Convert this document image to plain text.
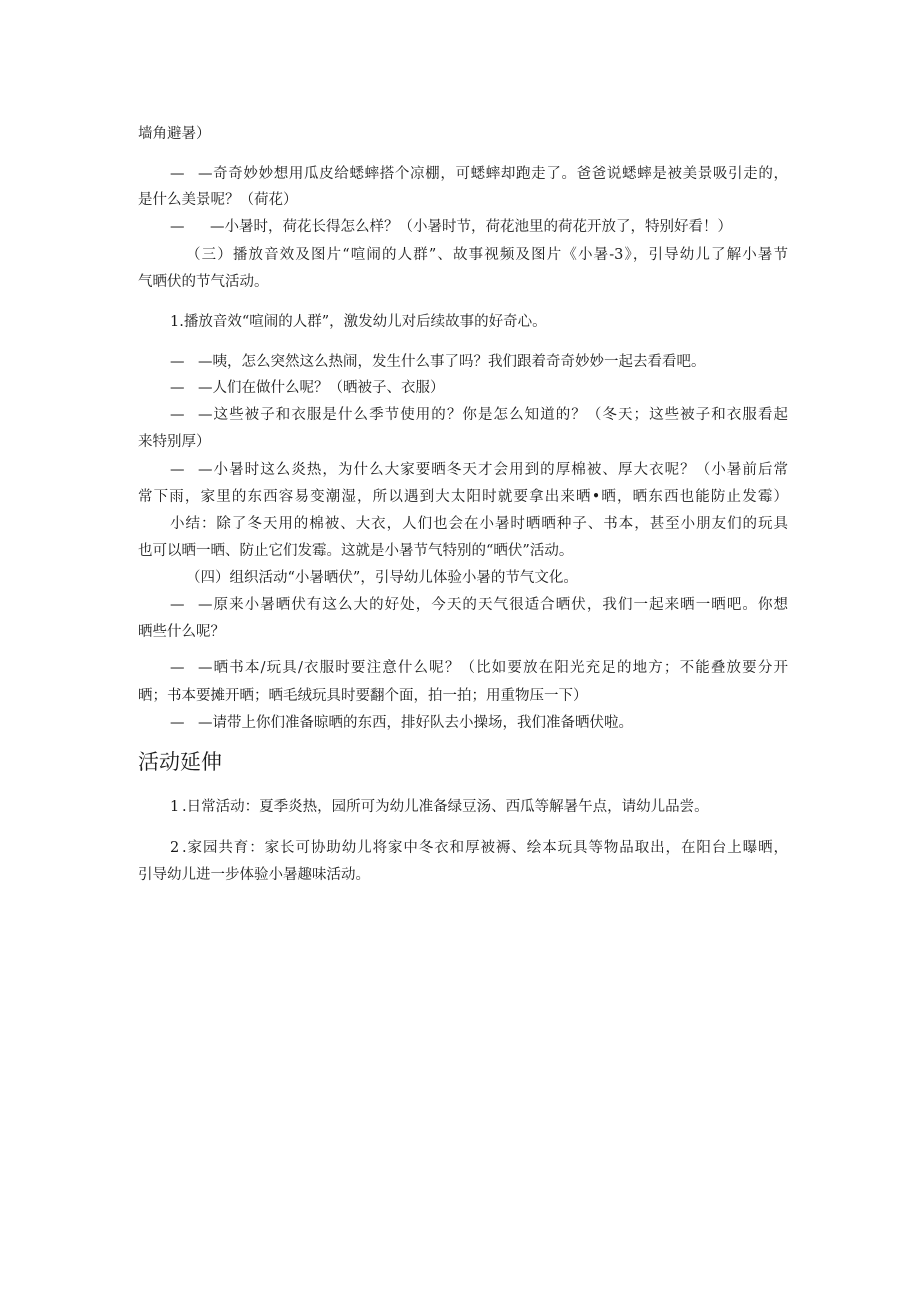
墙角避暑）
— —奇奇妙妙想用瓜皮给蟋蟀搭个凉棚，可蟋蟀却跑走了。爸爸说蟋蟀是被美景吸引走的，
是什么美景呢？（荷花）
— —小暑时，荷花长得怎么样？（小暑时节，荷花池里的荷花开放了，特别好看！）
（三）播放音效及图片“喧闹的人群”、故事视频及图片《小暑-3》，引导幼儿了解小暑节
气晒伏的节气活动。
1.播放音效“喧闹的人群”，激发幼儿对后续故事的好奇心。
— —咦，怎么突然这么热闹，发生什么事了吗？我们跟着奇奇妙妙一起去看看吧。
— —人们在做什么呢？（晒被子、衣服）
— —这些被子和衣服是什么季节使用的？你是怎么知道的？（冬天；这些被子和衣服看起
来特别厚）
— —小暑时这么炎热，为什么大家要晒冬天才会用到的厚棉被、厚大衣呢？（小暑前后常
常下雨，家里的东西容易变潮湿，所以遇到大太阳时就要拿出来晒•晒，晒东西也能防止发霉）
小结：除了冬天用的棉被、大衣，人们也会在小暑时晒晒种子、书本，甚至小朋友们的玩具
也可以晒一晒、防止它们发霉。这就是小暑节气特别的“晒伏”活动。
（四）组织活动“小暑晒伏”，引导幼儿体验小暑的节气文化。
— —原来小暑晒伏有这么大的好处，今天的天气很适合晒伏，我们一起来晒一晒吧。你想
晒些什么呢？
— —晒书本/玩具/衣服时要注意什么呢？（比如要放在阳光充足的地方；不能叠放要分开
晒；书本要摊开晒；晒毛绒玩具时要翻个面，拍一拍；用重物压一下）
— —请带上你们准备晾晒的东西，排好队去小操场，我们准备晒伏啦。
活动延伸
1 .日常活动：夏季炎热，园所可为幼儿准备绿豆汤、西瓜等解暑午点，请幼儿品尝。
2 .家园共育：家长可协助幼儿将家中冬衣和厚被褥、绘本玩具等物品取出，在阳台上曝晒，
引导幼儿进一步体验小暑趣味活动。
